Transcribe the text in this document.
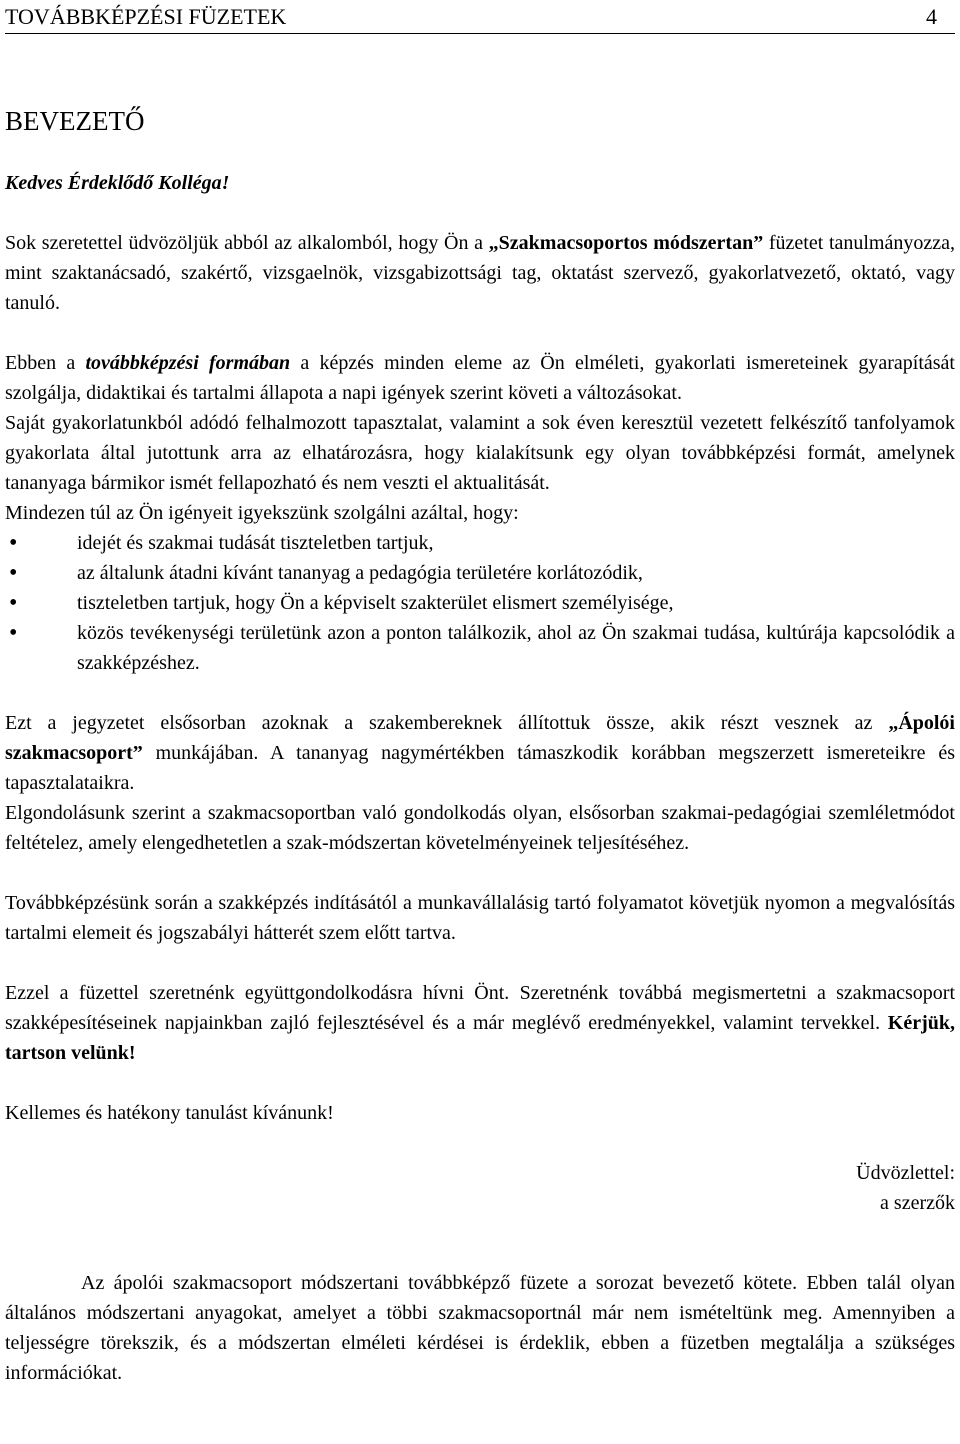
TOVÁBBKÉPZÉSI FÜZETEK	4
BEVEZETŐ
Kedves Érdeklődő Kolléga!

Sok szeretettel üdvözöljük abból az alkalomból, hogy Ön a „Szakmacsoportos módszertan” füzetet tanulmányozza, mint szaktanácsadó, szakértő, vizsgaelnök, vizsgabizottsági tag, oktatást szervező, gyakorlatvezető, oktató, vagy tanuló.

Ebben a továbbképzési formában a képzés minden eleme az Ön elméleti, gyakorlati ismereteinek gyarapítását szolgálja, didaktikai és tartalmi állapota a napi igények szerint követi a változásokat.

Saját gyakorlatunkból adódó felhalmozott tapasztalat, valamint a sok éven keresztül vezetett felkészítő tanfolyamok gyakorlata által jutottunk arra az elhatározásra, hogy kialakítsunk egy olyan továbbképzési formát, amelynek tananyaga bármikor ismét fellapozható és nem veszti el aktualitását.

Mindezen túl az Ön igényeit igyekszünk szolgálni azáltal, hogy:

• idejét és szakmai tudását tiszteletben tartjuk,
• az általunk átadni kívánt tananyag a pedagógia területére korlátozódik,
• tiszteletben tartjuk, hogy Ön a képviselt szakterület elismert személyisége,
• közös tevékenységi területünk azon a ponton találkozik, ahol az Ön szakmai tudása, kultúrája kapcsolódik a szakképzéshez.

Ezt a jegyzetet elsősorban azoknak a szakembereknek állítottuk össze, akik részt vesznek az „Ápolói szakmacsoport” munkájában. A tananyag nagymértékben támaszkodik korábban megszerzett ismereteikre és tapasztalataikra.

Elgondolásunk szerint a szakmacsoportban való gondolkodás olyan, elsősorban szakmai-pedagógiai szemléletmódot feltételez, amely elengedhetetlen a szak-módszertan követelményeinek teljesítéséhez.

Továbbképzésünk során a szakképzés indításától a munkavállalásig tartó folyamatot követjük nyomon a megvalósítás tartalmi elemeit és jogszabályi hátterét szem előtt tartva.

Ezzel a füzettel szeretnénk együttgondolkodásra hívni Önt. Szeretnénk továbbá megismertetni a szakmacsoport szakképesítéseinek napjainkban zajló fejlesztésével és a már meglévő eredményekkel, valamint tervekkel. Kérjük, tartson velünk!

Kellemes és hatékony tanulást kívánunk!

Üdvözlettel:
a szerzők

Az ápolói szakmacsoport módszertani továbbképző füzete a sorozat bevezető kötete. Ebben talál olyan általános módszertani anyagokat, amelyet a többi szakmacsoportnál már nem ismételtünk meg. Amennyiben a teljességre törekszik, és a módszertan elméleti kérdései is érdeklik, ebben a füzetben megtalálja a szükséges információkat.
